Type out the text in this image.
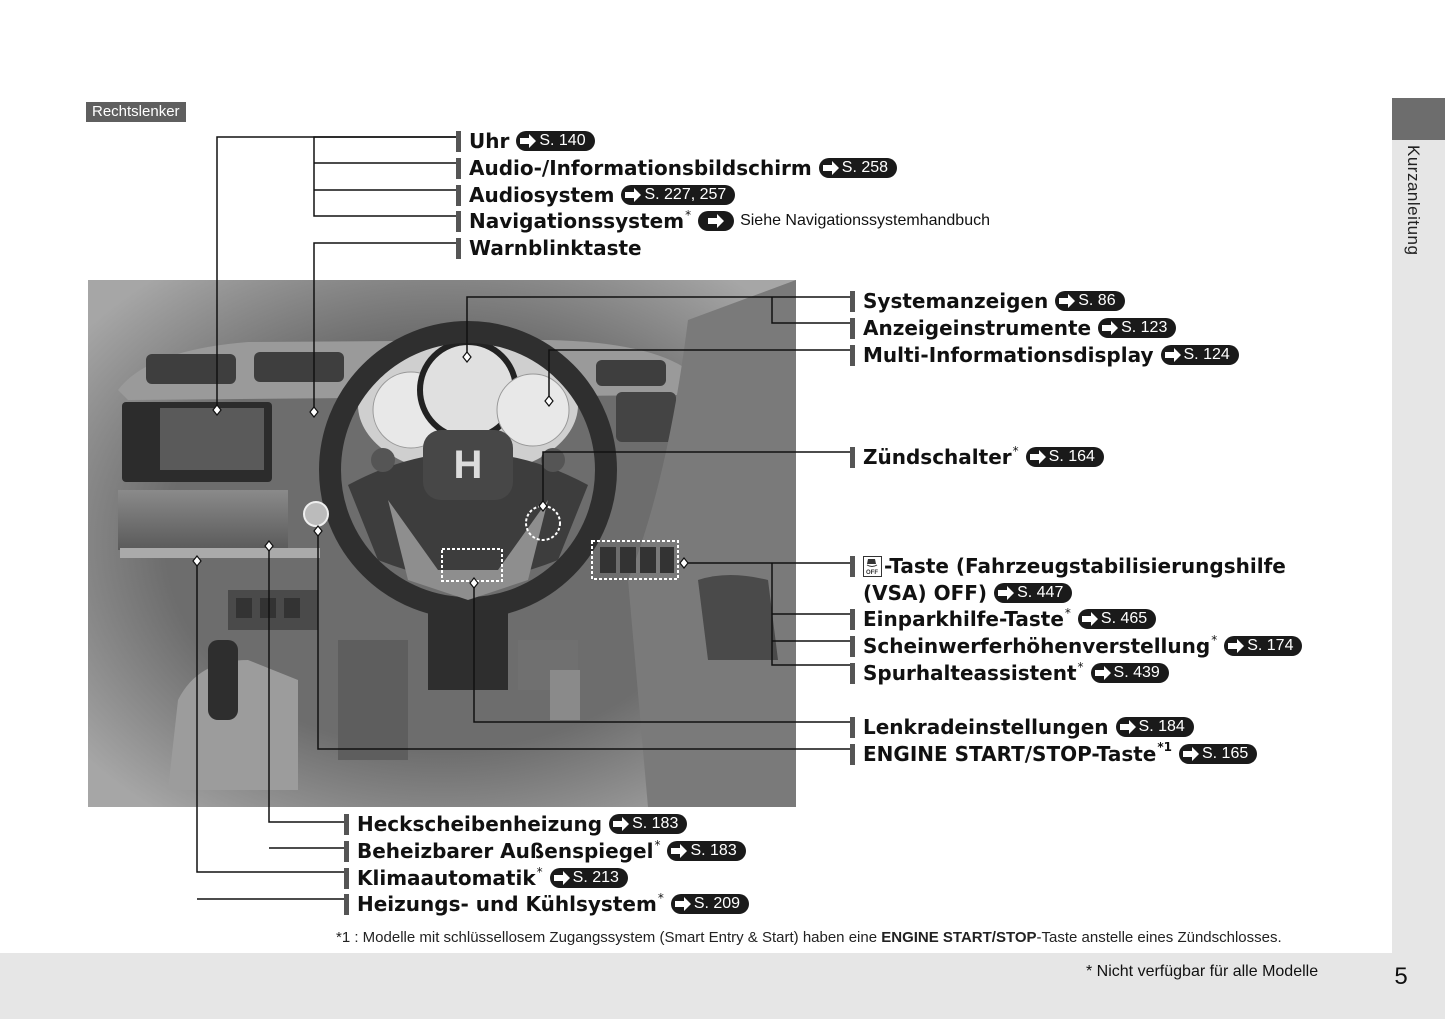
Kurzanleitung
Rechtslenker
H
Uhr S. 140
Audio-/Informationsbildschirm S. 258
Audiosystem S. 227, 257
Navigationssystem *	Siehe Navigationssystemhandbuch
Warnblinktaste
Systemanzeigen S. 86
Anzeigeinstrumente S. 123
Multi-Informationsdisplay S. 124
Zündschalter * S. 164
OFF -Taste (Fahrzeugstabilisierungshilfe
(VSA) OFF) S. 447
Einparkhilfe-Taste * S. 465
Scheinwerferhöhenverstellung * S. 174
Spurhalteassistent * S. 439
Lenkradeinstellungen S. 184
ENGINE START/STOP-Taste *1 S. 165
Heckscheibenheizung S. 183
Beheizbarer Außenspiegel * S. 183
Klimaautomatik * S. 213
Heizungs- und Kühlsystem * S. 209
*1 : Modelle mit schlüssellosem Zugangssystem (Smart Entry & Start) haben eine ENGINE START/STOP-Taste anstelle eines Zündschlosses.
* Nicht verfügbar für alle Modelle	5
